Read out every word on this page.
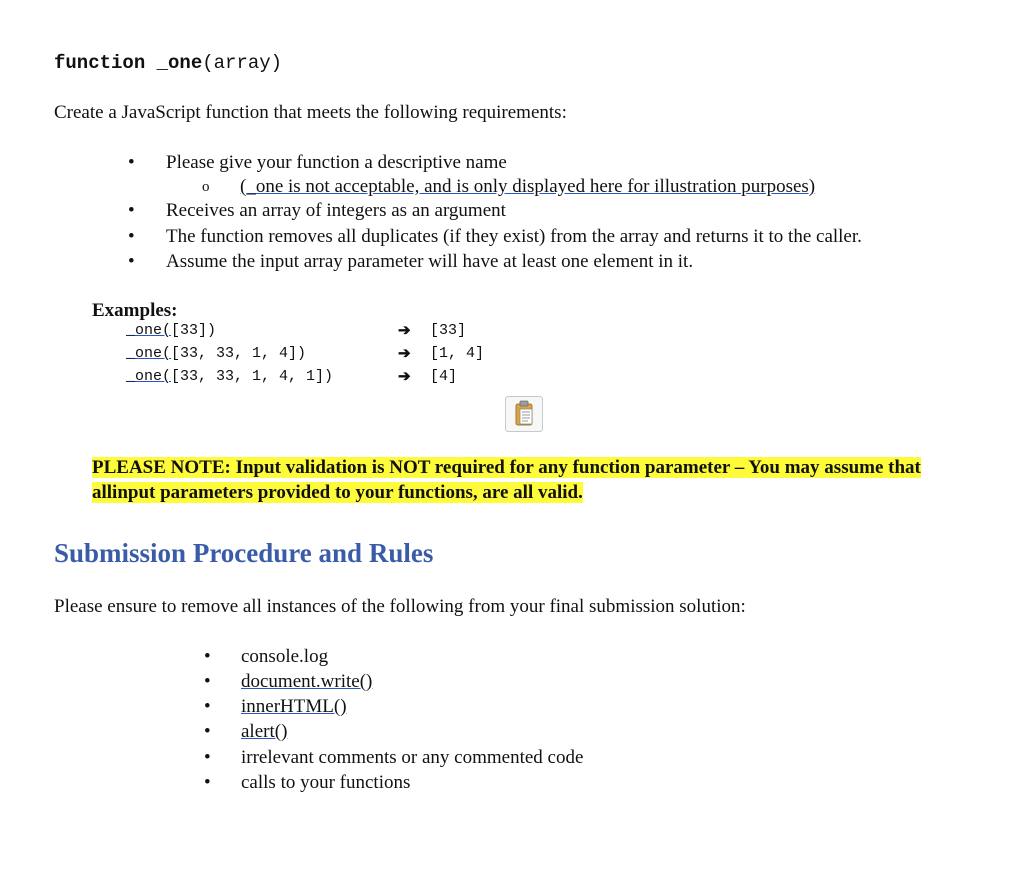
function _one(array)
Create a JavaScript function that meets the following requirements:
• Please give your function a descriptive name
o (_one is not acceptable, and is only displayed here for illustration purposes)
• Receives an array of integers as an argument
• The function removes all duplicates (if they exist) from the array and returns it to the caller.
• Assume the input array parameter will have at least one element in it.
Examples:
_one([33])	➔ [33]
_one([33, 33, 1, 4])	➔ [1, 4]
_one([33, 33, 1, 4, 1])	➔ [4]
PLEASE NOTE: Input validation is NOT required for any function parameter – You may assume that
allinput parameters provided to your functions, are all valid.
Submission Procedure and Rules
Please ensure to remove all instances of the following from your final submission solution:
• console.log
• document.write()
• innerHTML()
• alert()
• irrelevant comments or any commented code
• calls to your functions
